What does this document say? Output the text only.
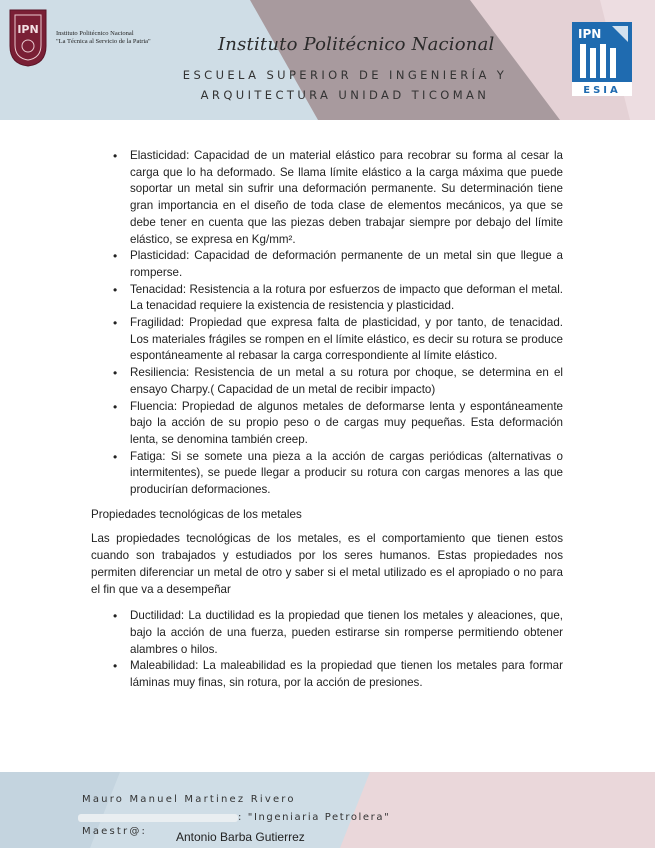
IPN	Instituto Politécnico Nacional
"La Técnica al Servicio de la Patria"	Instituto Politécnico Nacional
ESCUELA SUPERIOR DE INGENIERÍA Y
ARQUITECTURA UNIDAD TICOMAN
IPN
ESIA
• Elasticidad: Capacidad de un material elástico para recobrar su forma al cesar la carga que lo ha deformado. Se llama límite elástico a la carga máxima que puede soportar un metal sin sufrir una deformación permanente. Su determinación tiene gran importancia en el diseño de toda clase de elementos mecánicos, ya que se debe tener en cuenta que las piezas deben trabajar siempre por debajo del límite elástico, se expresa en Kg/mm².
• Plasticidad: Capacidad de deformación permanente de un metal sin que llegue a romperse.
• Tenacidad: Resistencia a la rotura por esfuerzos de impacto que deforman el metal. La tenacidad requiere la existencia de resistencia y plasticidad.
• Fragilidad: Propiedad que expresa falta de plasticidad, y por tanto, de tenacidad. Los materiales frágiles se rompen en el límite elástico, es decir su rotura se produce espontáneamente al rebasar la carga correspondiente al límite elástico.
• Resiliencia: Resistencia de un metal a su rotura por choque, se determina en el ensayo Charpy.( Capacidad de un metal de recibir impacto)
• Fluencia: Propiedad de algunos metales de deformarse lenta y espontáneamente bajo la acción de su propio peso o de cargas muy pequeñas. Esta deformación lenta, se denomina también creep.
• Fatiga: Si se somete una pieza a la acción de cargas periódicas (alternativas o intermitentes), se puede llegar a producir su rotura con cargas menores a las que producirían deformaciones.
Propiedades tecnológicas de los metales
Las propiedades tecnológicas de los metales, es el comportamiento que tienen estos cuando son trabajados y estudiados por los seres humanos. Estas propiedades nos permiten diferenciar un metal de otro y saber si el metal utilizado es el apropiado o no para el fin que va a desempeñar
• Ductilidad: La ductilidad es la propiedad que tienen los metales y aleaciones, que, bajo la acción de una fuerza, pueden estirarse sin romperse permitiendo obtener alambres o hilos.
• Maleabilidad: La maleabilidad es la propiedad que tienen los metales para formar láminas muy finas, sin rotura, por la acción de presiones.
Mauro Manuel Martinez Rivero
: "Ingeniaria Petrolera"
Maestr@: Antonio Barba Gutierrez
